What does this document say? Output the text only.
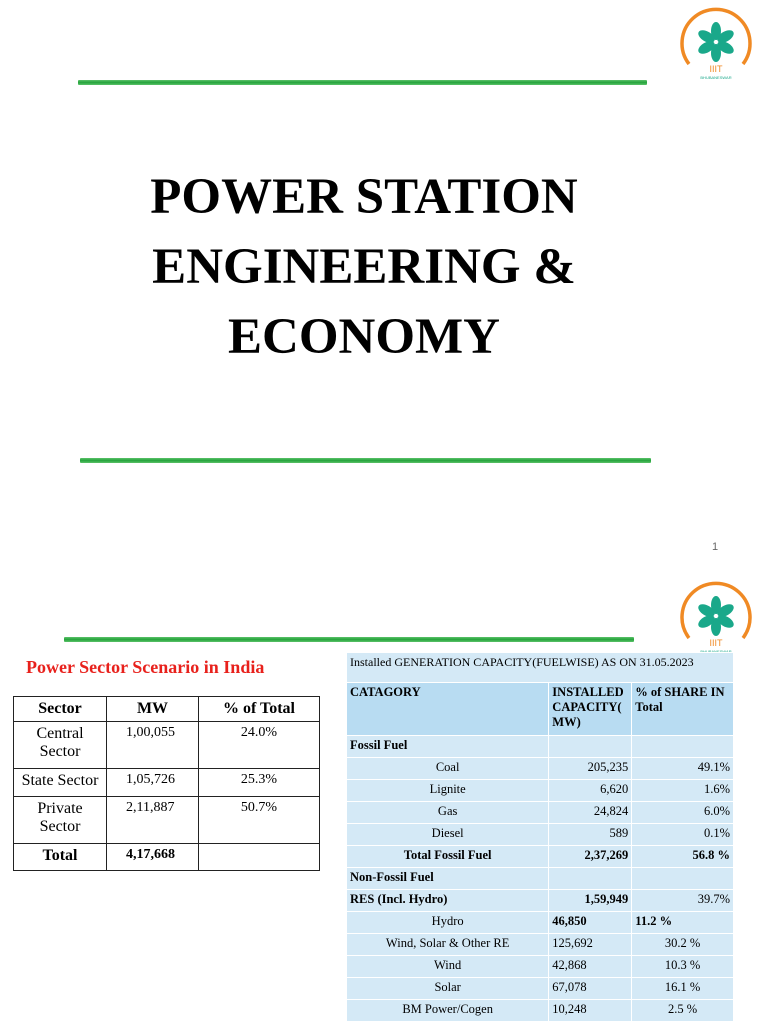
IIIT
BHUBANESWAR
POWER STATION
ENGINEERING &
ECONOMY
1
IIIT
Power Sector Scenario in India
Sector	MW	% of Total
Central Sector	1,00,055	24.0%
State Sector	1,05,726	25.3%
Private Sector	2,11,887	50.7%
Total	4,17,668	
Installed GENERATION CAPACITY(FUELWISE) AS ON 31.05.2023		
CATAGORY	INSTALLED CAPACITY( MW)	% of SHARE IN Total
Fossil Fuel		
Coal	205,235	49.1%
Lignite	6,620	1.6%
Gas	24,824	6.0%
Diesel	589	0.1%
Total Fossil Fuel	2,37,269	56.8 %
Non-Fossil Fuel		
RES (Incl. Hydro)	1,59,949	39.7%
Hydro	46,850	11.2 %
Wind, Solar & Other RE	125,692	30.2 %
Wind	42,868	10.3 %
Solar	67,078	16.1 %
BM Power/Cogen	10,248	2.5 %
